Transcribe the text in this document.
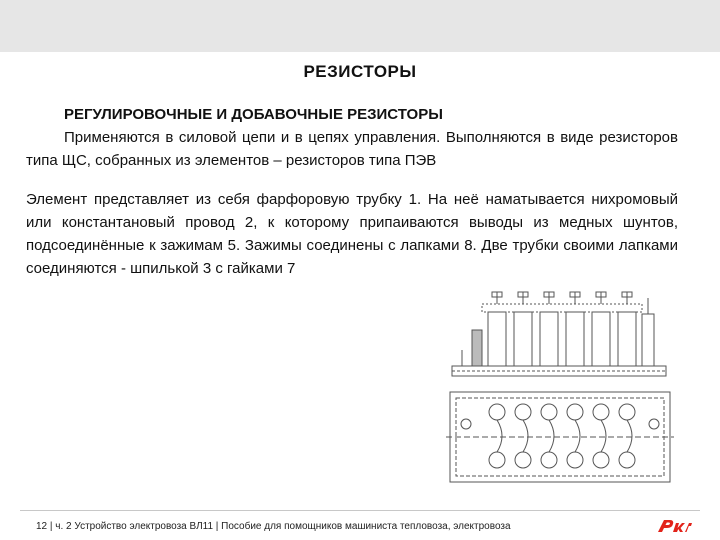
РЕЗИСТОРЫ

РЕГУЛИРОВОЧНЫЕ И ДОБАВОЧНЫЕ РЕЗИСТОРЫ

Применяются в силовой цепи и в цепях управления. Выполняются в виде резисторов типа ЩС, собранных из элементов – резисторов типа ПЭВ

Элемент представляет из себя фарфоровую трубку 1. На неё наматывается нихромовый или константановый провод 2, к которому припаиваются выводы из медных шунтов, подсоединённые к зажимам 5. Зажимы соединены с лапками 8. Две трубки своими лапками соединяются - шпилькой 3 с гайками 7

12 | ч. 2 Устройство электровоза ВЛ11 | Пособие для помощников машиниста тепловоза, электровоза
